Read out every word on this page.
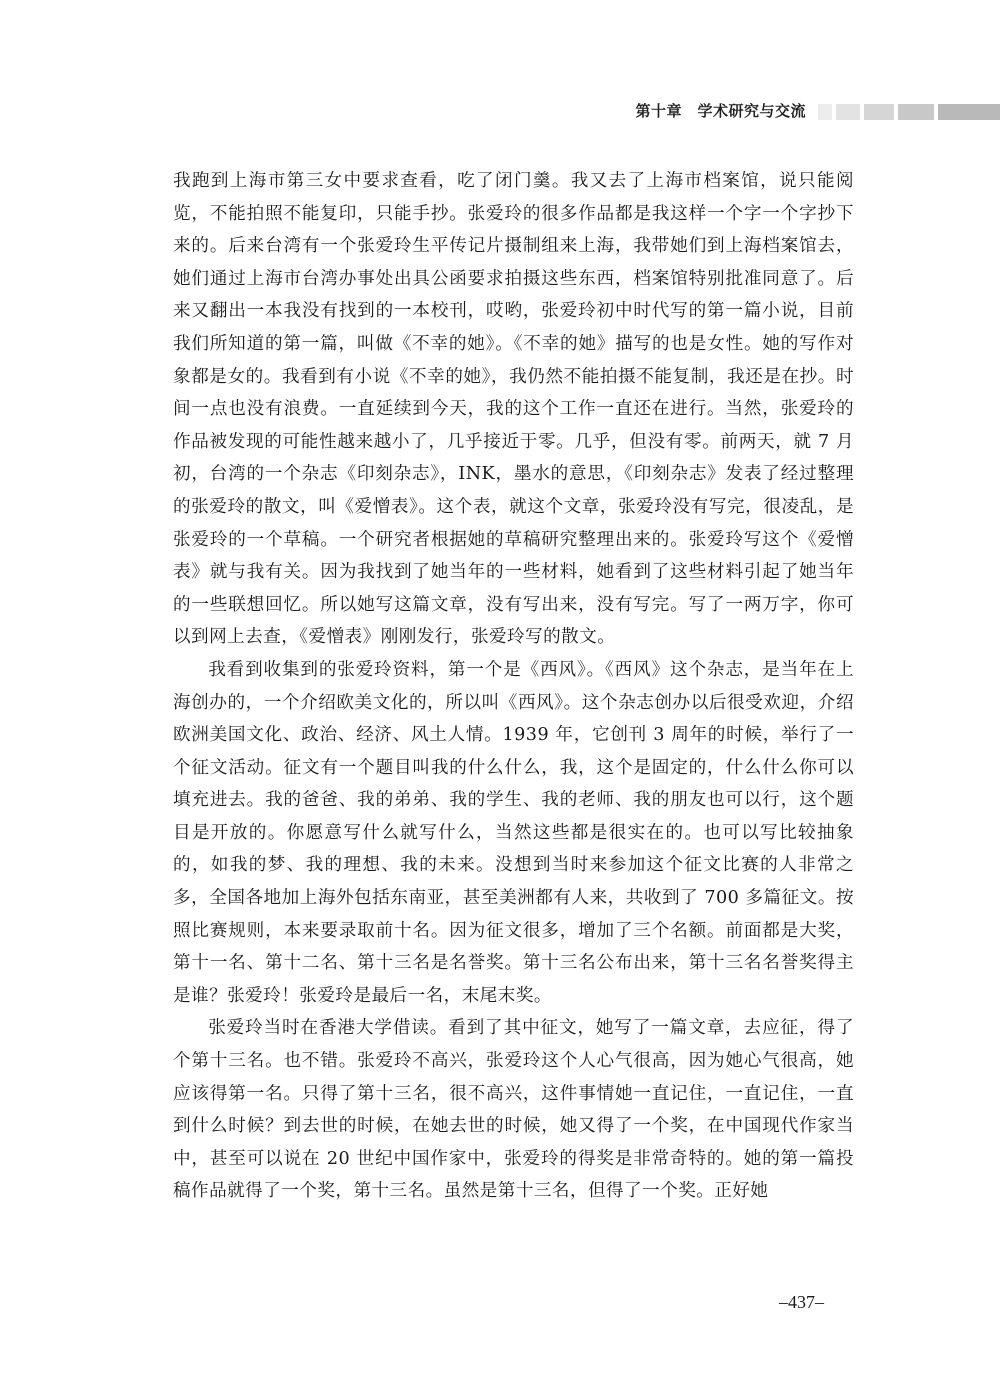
第十章　学术研究与交流

我跑到上海市第三女中要求查看，吃了闭门羹。我又去了上海市档案馆，说只能阅览，不能拍照不能复印，只能手抄。张爱玲的很多作品都是我这样一个字一个字抄下来的。后来台湾有一个张爱玲生平传记片摄制组来上海，我带她们到上海档案馆去，她们通过上海市台湾办事处出具公函要求拍摄这些东西，档案馆特别批准同意了。后来又翻出一本我没有找到的一本校刊，哎哟，张爱玲初中时代写的第一篇小说，目前我们所知道的第一篇，叫做《不幸的她》。《不幸的她》描写的也是女性。她的写作对象都是女的。我看到有小说《不幸的她》，我仍然不能拍摄不能复制，我还是在抄。时间一点也没有浪费。一直延续到今天，我的这个工作一直还在进行。当然，张爱玲的作品被发现的可能性越来越小了，几乎接近于零。几乎，但没有零。前两天，就 7 月初，台湾的一个杂志《印刻杂志》，INK，墨水的意思，《印刻杂志》发表了经过整理的张爱玲的散文，叫《爱憎表》。这个表，就这个文章，张爱玲没有写完，很凌乱，是张爱玲的一个草稿。一个研究者根据她的草稿研究整理出来的。张爱玲写这个《爱憎表》就与我有关。因为我找到了她当年的一些材料，她看到了这些材料引起了她当年的一些联想回忆。所以她写这篇文章，没有写出来，没有写完。写了一两万字，你可以到网上去查，《爱憎表》刚刚发行，张爱玲写的散文。

我看到收集到的张爱玲资料，第一个是《西风》。《西风》这个杂志，是当年在上海创办的，一个介绍欧美文化的，所以叫《西风》。这个杂志创办以后很受欢迎，介绍欧洲美国文化、政治、经济、风土人情。1939 年，它创刊 3 周年的时候，举行了一个征文活动。征文有一个题目叫我的什么什么，我，这个是固定的，什么什么你可以填充进去。我的爸爸、我的弟弟、我的学生、我的老师、我的朋友也可以行，这个题目是开放的。你愿意写什么就写什么，当然这些都是很实在的。也可以写比较抽象的，如我的梦、我的理想、我的未来。没想到当时来参加这个征文比赛的人非常之多，全国各地加上海外包括东南亚，甚至美洲都有人来，共收到了 700 多篇征文。按照比赛规则，本来要录取前十名。因为征文很多，增加了三个名额。前面都是大奖，第十一名、第十二名、第十三名是名誉奖。第十三名公布出来，第十三名名誉奖得主是谁？张爱玲！张爱玲是最后一名，末尾末奖。

张爱玲当时在香港大学借读。看到了其中征文，她写了一篇文章，去应征，得了个第十三名。也不错。张爱玲不高兴，张爱玲这个人心气很高，因为她心气很高，她应该得第一名。只得了第十三名，很不高兴，这件事情她一直记住，一直记住，一直到什么时候？到去世的时候，在她去世的时候，她又得了一个奖，在中国现代作家当中，甚至可以说在 20 世纪中国作家中，张爱玲的得奖是非常奇特的。她的第一篇投稿作品就得了一个奖，第十三名。虽然是第十三名，但得了一个奖。正好她

–437–
